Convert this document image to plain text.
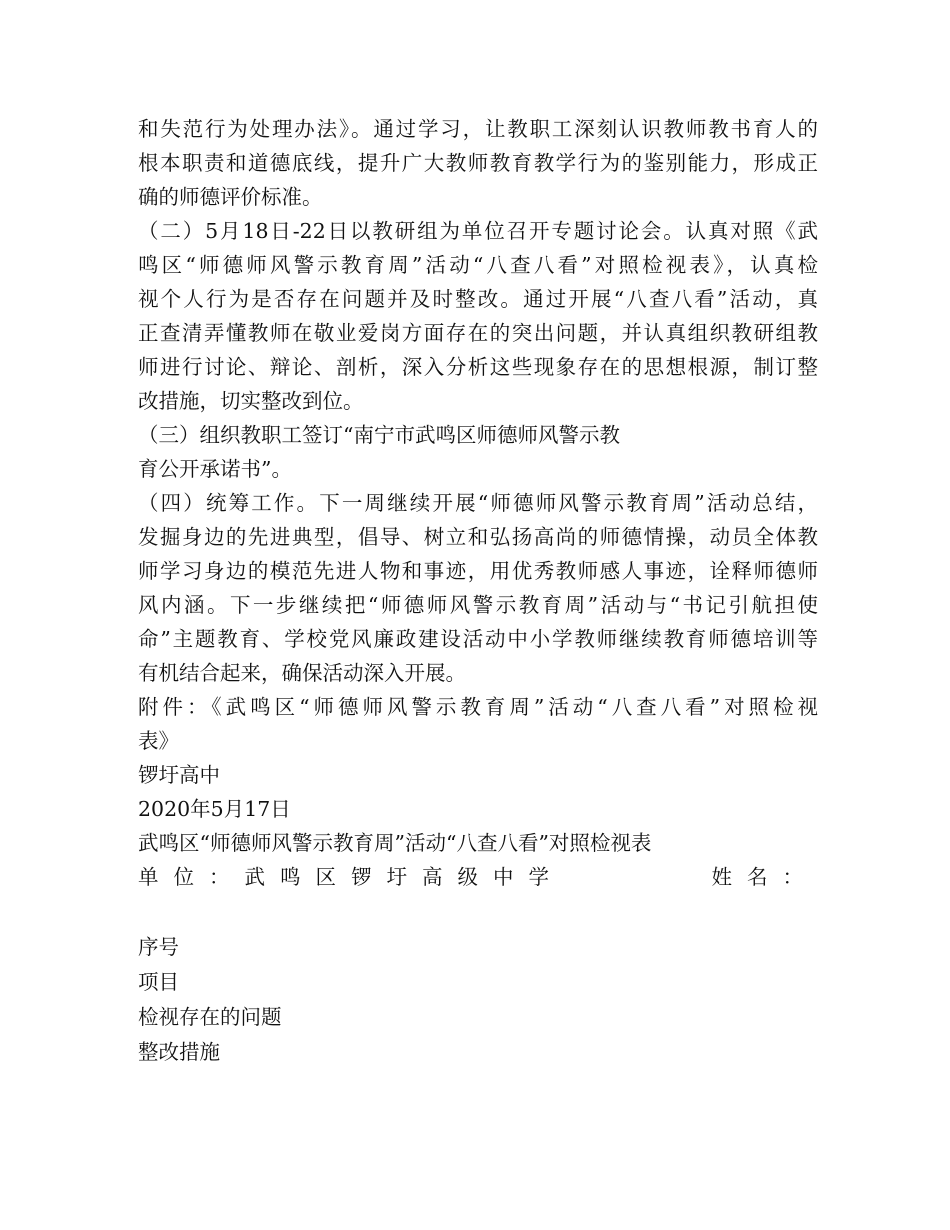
和失范行为处理办法》。通过学习，让教职工深刻认识教师教书育人的
根本职责和道德底线，提升广大教师教育教学行为的鉴别能力，形成正
确的师德评价标准。
（二）5月18日-22日以教研组为单位召开专题讨论会。认真对照《武
鸣区“师德师风警示教育周”活动“八查八看”对照检视表》，认真检
视个人行为是否存在问题并及时整改。通过开展“八查八看”活动，真
正查清弄懂教师在敬业爱岗方面存在的突出问题，并认真组织教研组教
师进行讨论、辩论、剖析，深入分析这些现象存在的思想根源，制订整
改措施，切实整改到位。
（三）组织教职工签订“南宁市武鸣区师德师风警示教
育公开承诺书”。
（四）统筹工作。下一周继续开展“师德师风警示教育周”活动总结，
发掘身边的先进典型，倡导、树立和弘扬高尚的师德情操，动员全体教
师学习身边的模范先进人物和事迹，用优秀教师感人事迹，诠释师德师
风内涵。下一步继续把“师德师风警示教育周”活动与“书记引航担使
命”主题教育、学校党风廉政建设活动中小学教师继续教育师德培训等
有机结合起来，确保活动深入开展。
附件：《武鸣区“师德师风警示教育周”活动“八查八看”对照检视
表》
锣圩高中
2020年5月17日
武鸣区“师德师风警示教育周”活动“八查八看”对照检视表
单位：武鸣区锣圩高级中学	姓名：
序号
项目
检视存在的问题
整改措施
